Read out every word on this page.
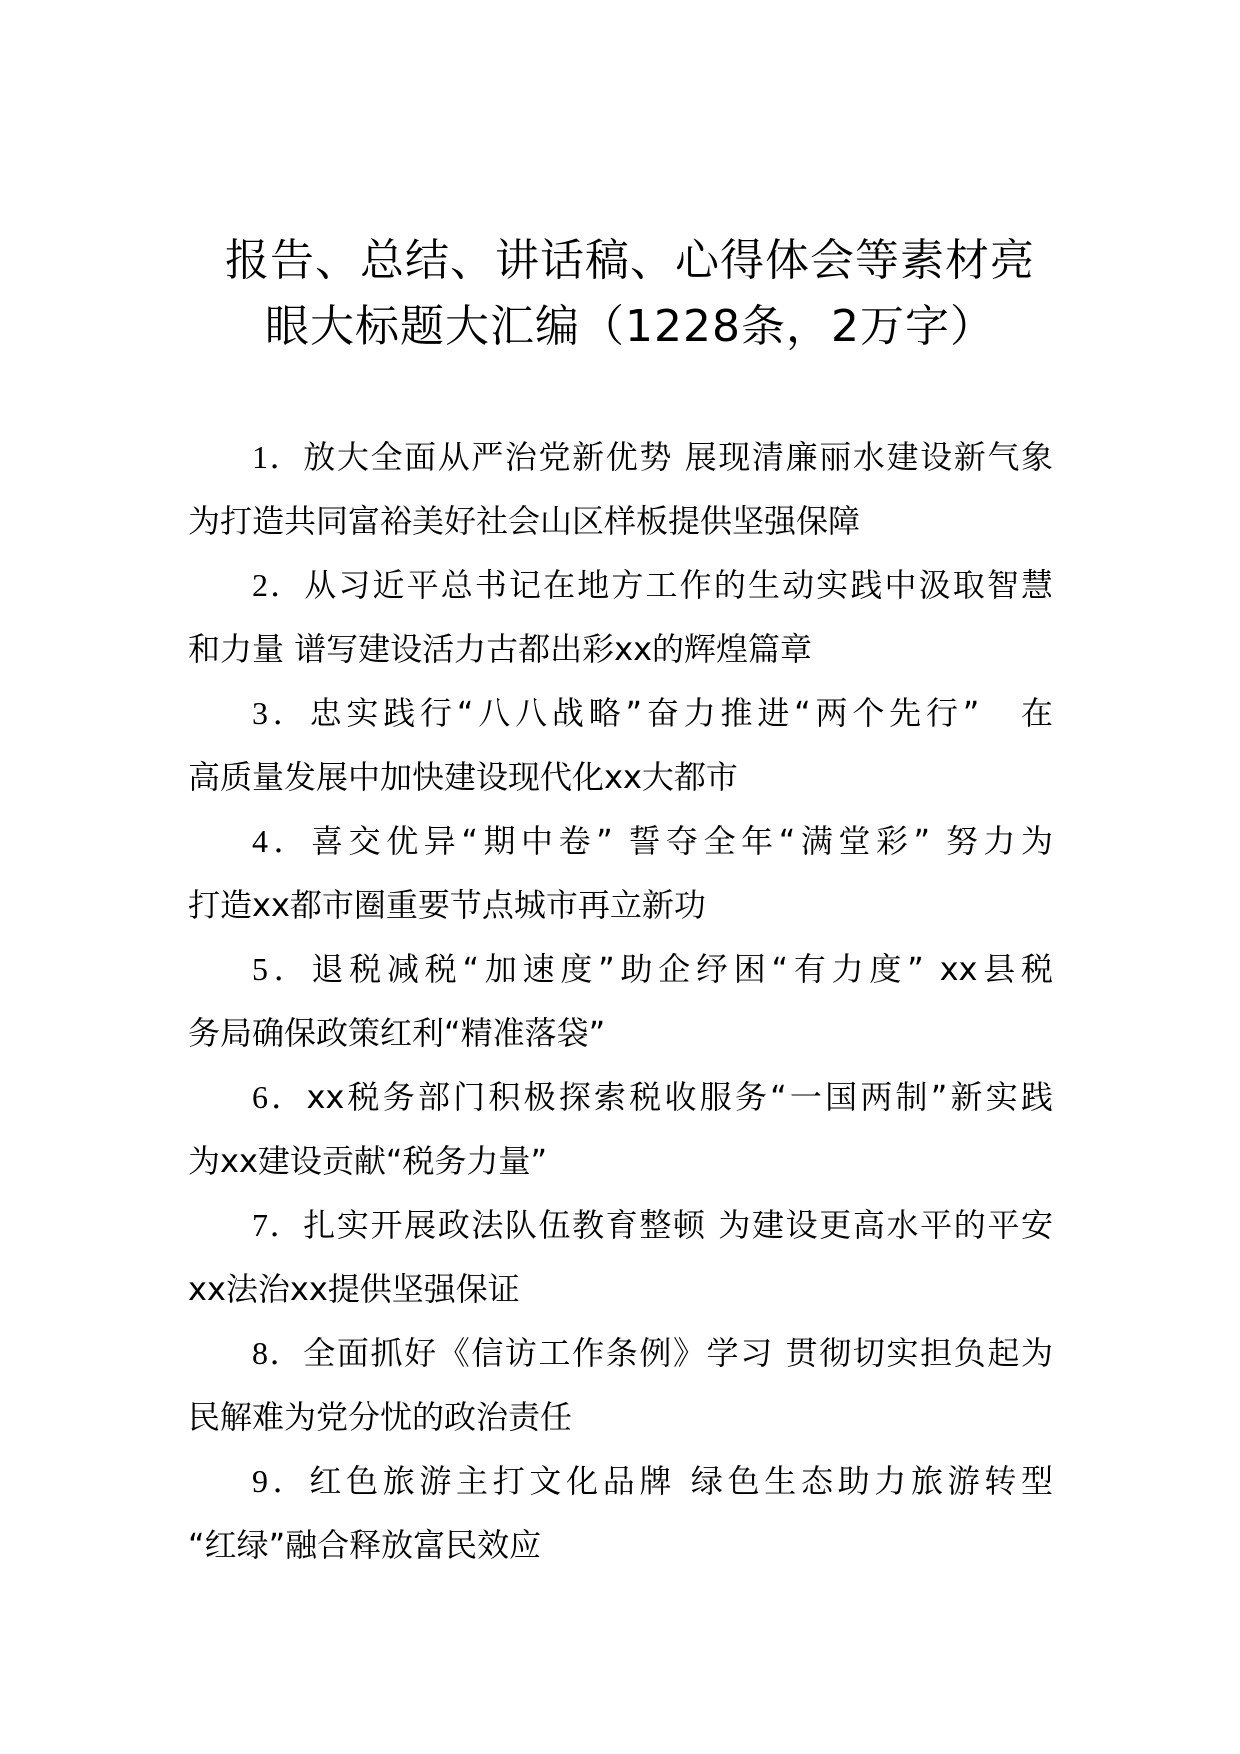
报告、总结、讲话稿、心得体会等素材亮
眼大标题大汇编（1228条，2万字）
1．放大全面从严治党新优势 展现清廉丽水建设新气象
为打造共同富裕美好社会山区样板提供坚强保障
2．从习近平总书记在地方工作的生动实践中汲取智慧
和力量 谱写建设活力古都出彩xx的辉煌篇章
3．忠实践行“八八战略”奋力推进“两个先行”　在
高质量发展中加快建设现代化xx大都市
4．喜交优异“期中卷” 誓夺全年“满堂彩” 努力为
打造xx都市圈重要节点城市再立新功
5．退税减税“加速度”助企纾困“有力度” xx县税
务局确保政策红利“精准落袋”
6．xx税务部门积极探索税收服务“一国两制”新实践
为xx建设贡献“税务力量”
7．扎实开展政法队伍教育整顿 为建设更高水平的平安
xx法治xx提供坚强保证
8．全面抓好《信访工作条例》学习 贯彻切实担负起为
民解难为党分忧的政治责任
9．红色旅游主打文化品牌 绿色生态助力旅游转型
“红绿”融合释放富民效应
